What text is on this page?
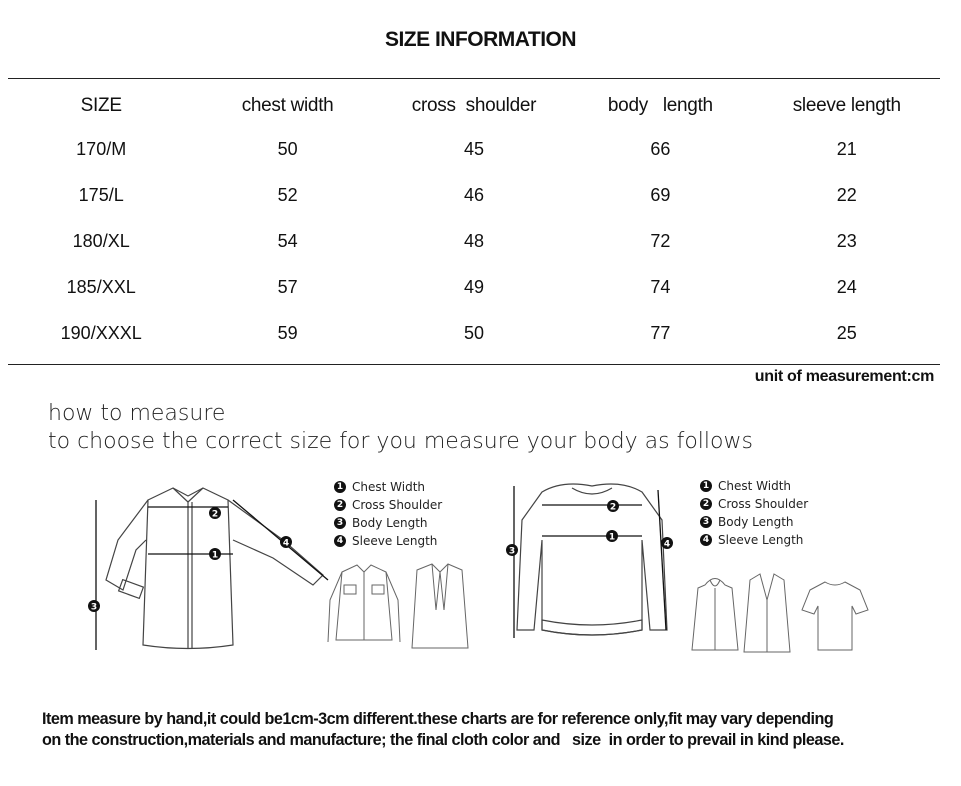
SIZE INFORMATION
SIZE	chest width	cross  shoulder	body   length	sleeve length
170/M	50	45	66	21
175/L	52	46	69	22
180/XL	54	48	72	23
185/XXL	57	49	74	24
190/XXXL	59	50	77	25
unit of measurement:cm
how to measure
to choose the correct size for you measure your body as follows
2
1
3
4
1 Chest Width
2 Cross Shoulder
3 Body Length
4 Sleeve Length
2
1
3
4
1 Chest Width
2 Cross Shoulder
3 Body Length
4 Sleeve Length
Item measure by hand,it could be1cm-3cm different.these charts are for reference only,fit may vary depending
on the construction,materials and manufacture; the final cloth color and   size  in order to prevail in kind please.
